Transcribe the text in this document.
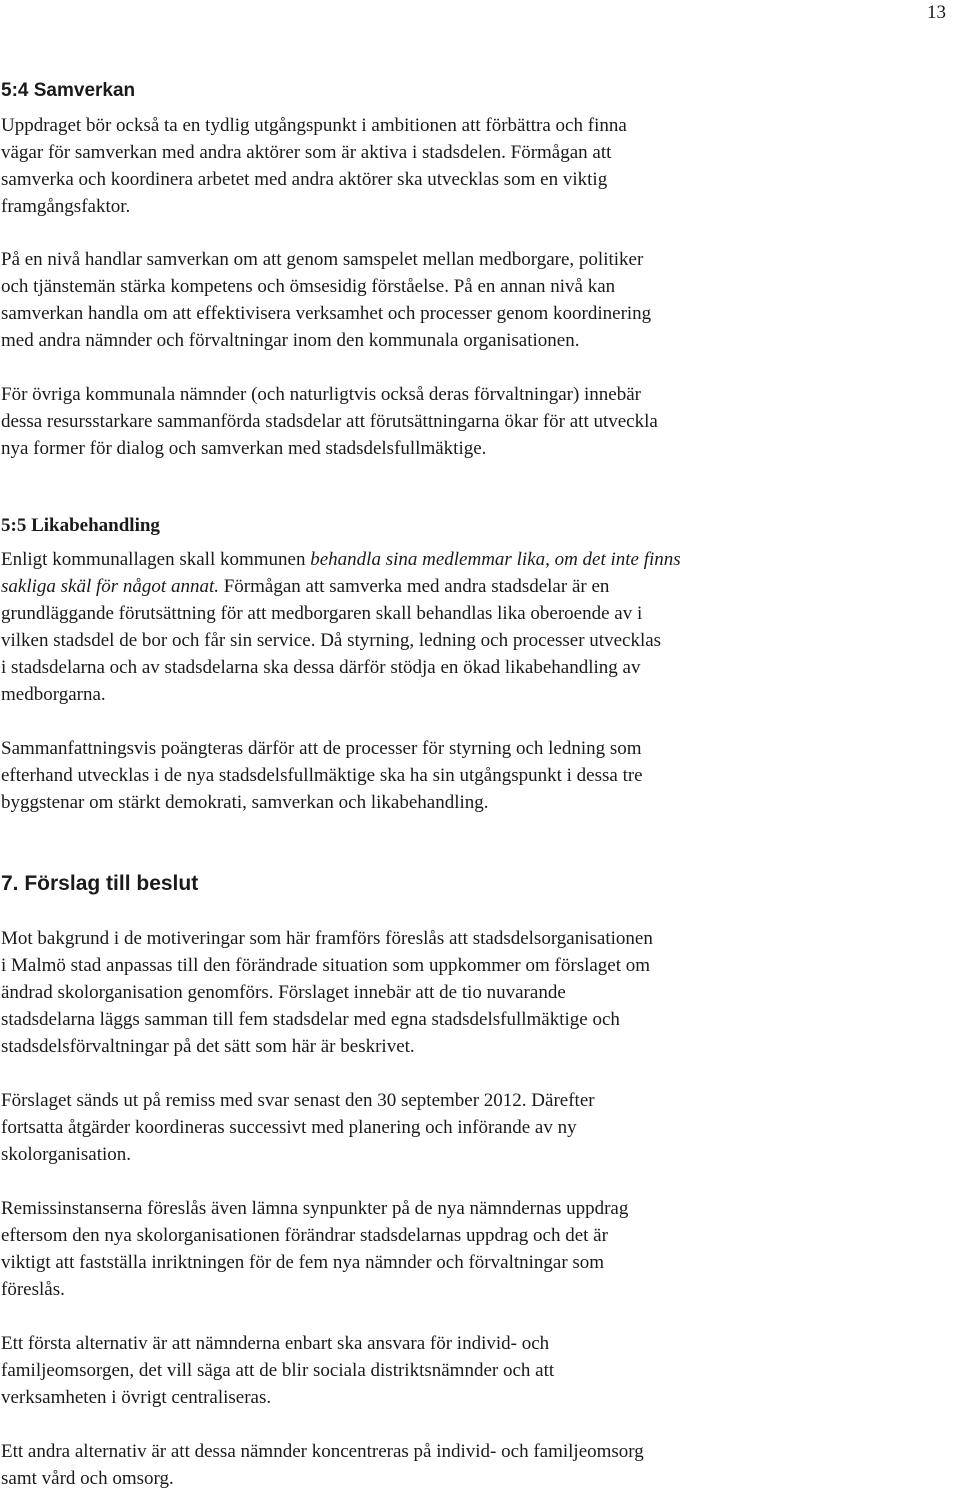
13
5:4 Samverkan

Uppdraget bör också ta en tydlig utgångspunkt i ambitionen att förbättra och finna
vägar för samverkan med andra aktörer som är aktiva i stadsdelen. Förmågan att
samverka och koordinera arbetet med andra aktörer ska utvecklas som en viktig
framgångsfaktor.

På en nivå handlar samverkan om att genom samspelet mellan medborgare, politiker
och tjänstemän stärka kompetens och ömsesidig förståelse. På en annan nivå kan
samverkan handla om att effektivisera verksamhet och processer genom koordinering
med andra nämnder och förvaltningar inom den kommunala organisationen.

För övriga kommunala nämnder (och naturligtvis också deras förvaltningar) innebär
dessa resursstarkare sammanförda stadsdelar att förutsättningarna ökar för att utveckla
nya former för dialog och samverkan med stadsdelsfullmäktige.

5:5 Likabehandling

Enligt kommunallagen skall kommunen behandla sina medlemmar lika, om det inte finns
sakliga skäl för något annat. Förmågan att samverka med andra stadsdelar är en
grundläggande förutsättning för att medborgaren skall behandlas lika oberoende av i
vilken stadsdel de bor och får sin service. Då styrning, ledning och processer utvecklas
i stadsdelarna och av stadsdelarna ska dessa därför stödja en ökad likabehandling av
medborgarna.

Sammanfattningsvis poängteras därför att de processer för styrning och ledning som
efterhand utvecklas i de nya stadsdelsfullmäktige ska ha sin utgångspunkt i dessa tre
byggstenar om stärkt demokrati, samverkan och likabehandling.

7. Förslag till beslut

Mot bakgrund i de motiveringar som här framförs föreslås att stadsdelsorganisationen
i Malmö stad anpassas till den förändrade situation som uppkommer om förslaget om
ändrad skolorganisation genomförs. Förslaget innebär att de tio nuvarande
stadsdelarna läggs samman till fem stadsdelar med egna stadsdelsfullmäktige och
stadsdelsförvaltningar på det sätt som här är beskrivet.

Förslaget sänds ut på remiss med svar senast den 30 september 2012. Därefter
fortsatta åtgärder koordineras successivt med planering och införande av ny
skolorganisation.

Remissinstanserna föreslås även lämna synpunkter på de nya nämndernas uppdrag
eftersom den nya skolorganisationen förändrar stadsdelarnas uppdrag och det är
viktigt att fastställa inriktningen för de fem nya nämnder och förvaltningar som
föreslås.

Ett första alternativ är att nämnderna enbart ska ansvara för individ- och
familjeomsorgen, det vill säga att de blir sociala distriktsnämnder och att
verksamheten i övrigt centraliseras.

Ett andra alternativ är att dessa nämnder koncentreras på individ- och familjeomsorg
samt vård och omsorg.
